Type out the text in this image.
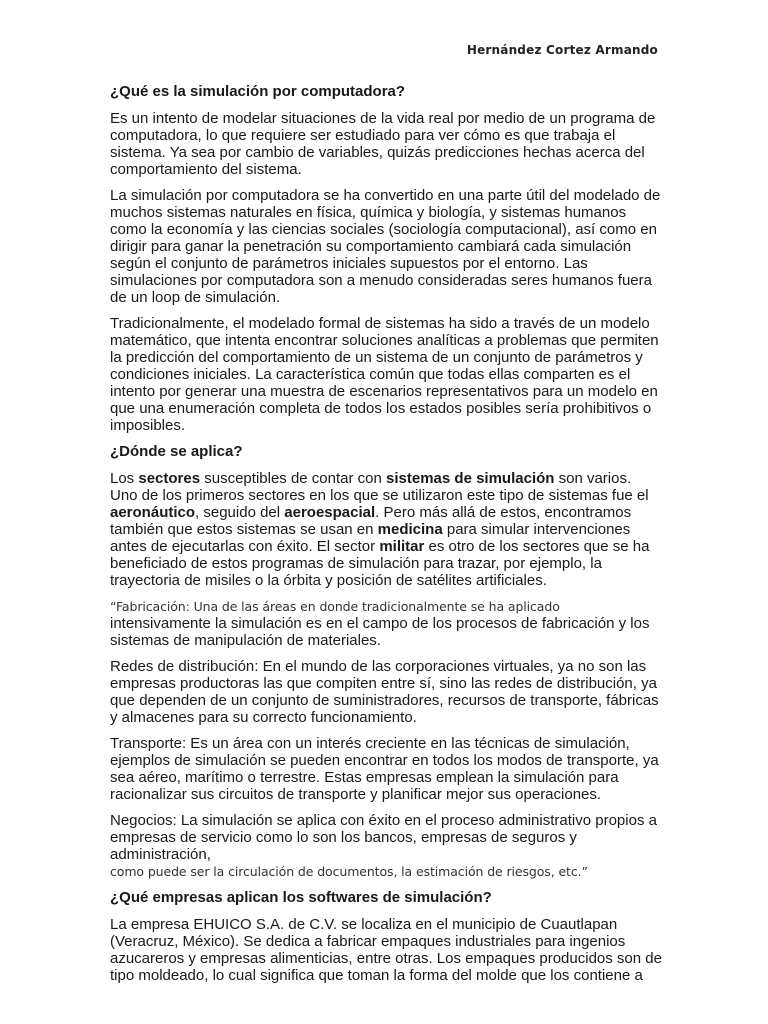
Hernández Cortez Armando
¿Qué es la simulación por computadora?

Es un intento de modelar situaciones de la vida real por medio de un programa de computadora, lo que requiere ser estudiado para ver cómo es que trabaja el sistema. Ya sea por cambio de variables, quizás predicciones hechas acerca del comportamiento del sistema.

La simulación por computadora se ha convertido en una parte útil del modelado de muchos sistemas naturales en física, química y biología, y sistemas humanos como la economía y las ciencias sociales (sociología computacional), así como en dirigir para ganar la penetración su comportamiento cambiará cada simulación según el conjunto de parámetros iniciales supuestos por el entorno. Las simulaciones por computadora son a menudo consideradas seres humanos fuera de un loop de simulación.

Tradicionalmente, el modelado formal de sistemas ha sido a través de un modelo matemático, que intenta encontrar soluciones analíticas a problemas que permiten la predicción del comportamiento de un sistema de un conjunto de parámetros y condiciones iniciales. La característica común que todas ellas comparten es el intento por generar una muestra de escenarios representativos para un modelo en que una enumeración completa de todos los estados posibles sería prohibitivos o imposibles.

¿Dónde se aplica?

Los sectores susceptibles de contar con sistemas de simulación son varios. Uno de los primeros sectores en los que se utilizaron este tipo de sistemas fue el aeronáutico, seguido del aeroespacial. Pero más allá de estos, encontramos también que estos sistemas se usan en medicina para simular intervenciones antes de ejecutarlas con éxito. El sector militar es otro de los sectores que se ha beneficiado de estos programas de simulación para trazar, por ejemplo, la trayectoria de misiles o la órbita y posición de satélites artificiales.

“Fabricación: Una de las áreas en donde tradicionalmente se ha aplicado
intensivamente la simulación es en el campo de los procesos de fabricación y los sistemas de manipulación de materiales.

Redes de distribución: En el mundo de las corporaciones virtuales, ya no son las empresas productoras las que compiten entre sí, sino las redes de distribución, ya que dependen de un conjunto de suministradores, recursos de transporte, fábricas y almacenes para su correcto funcionamiento.

Transporte: Es un área con un interés creciente en las técnicas de simulación, ejemplos de simulación se pueden encontrar en todos los modos de transporte, ya sea aéreo, marítimo o terrestre. Estas empresas emplean la simulación para racionalizar sus circuitos de transporte y planificar mejor sus operaciones.

Negocios: La simulación se aplica con éxito en el proceso administrativo propios a empresas de servicio como lo son los bancos, empresas de seguros y administración,
como puede ser la circulación de documentos, la estimación de riesgos, etc.”

¿Qué empresas aplican los softwares de simulación?

La empresa EHUICO S.A. de C.V. se localiza en el municipio de Cuautlapan (Veracruz, México). Se dedica a fabricar empaques industriales para ingenios azucareros y empresas alimenticias, entre otras. Los empaques producidos son de tipo moldeado, lo cual significa que toman la forma del molde que los contiene a
